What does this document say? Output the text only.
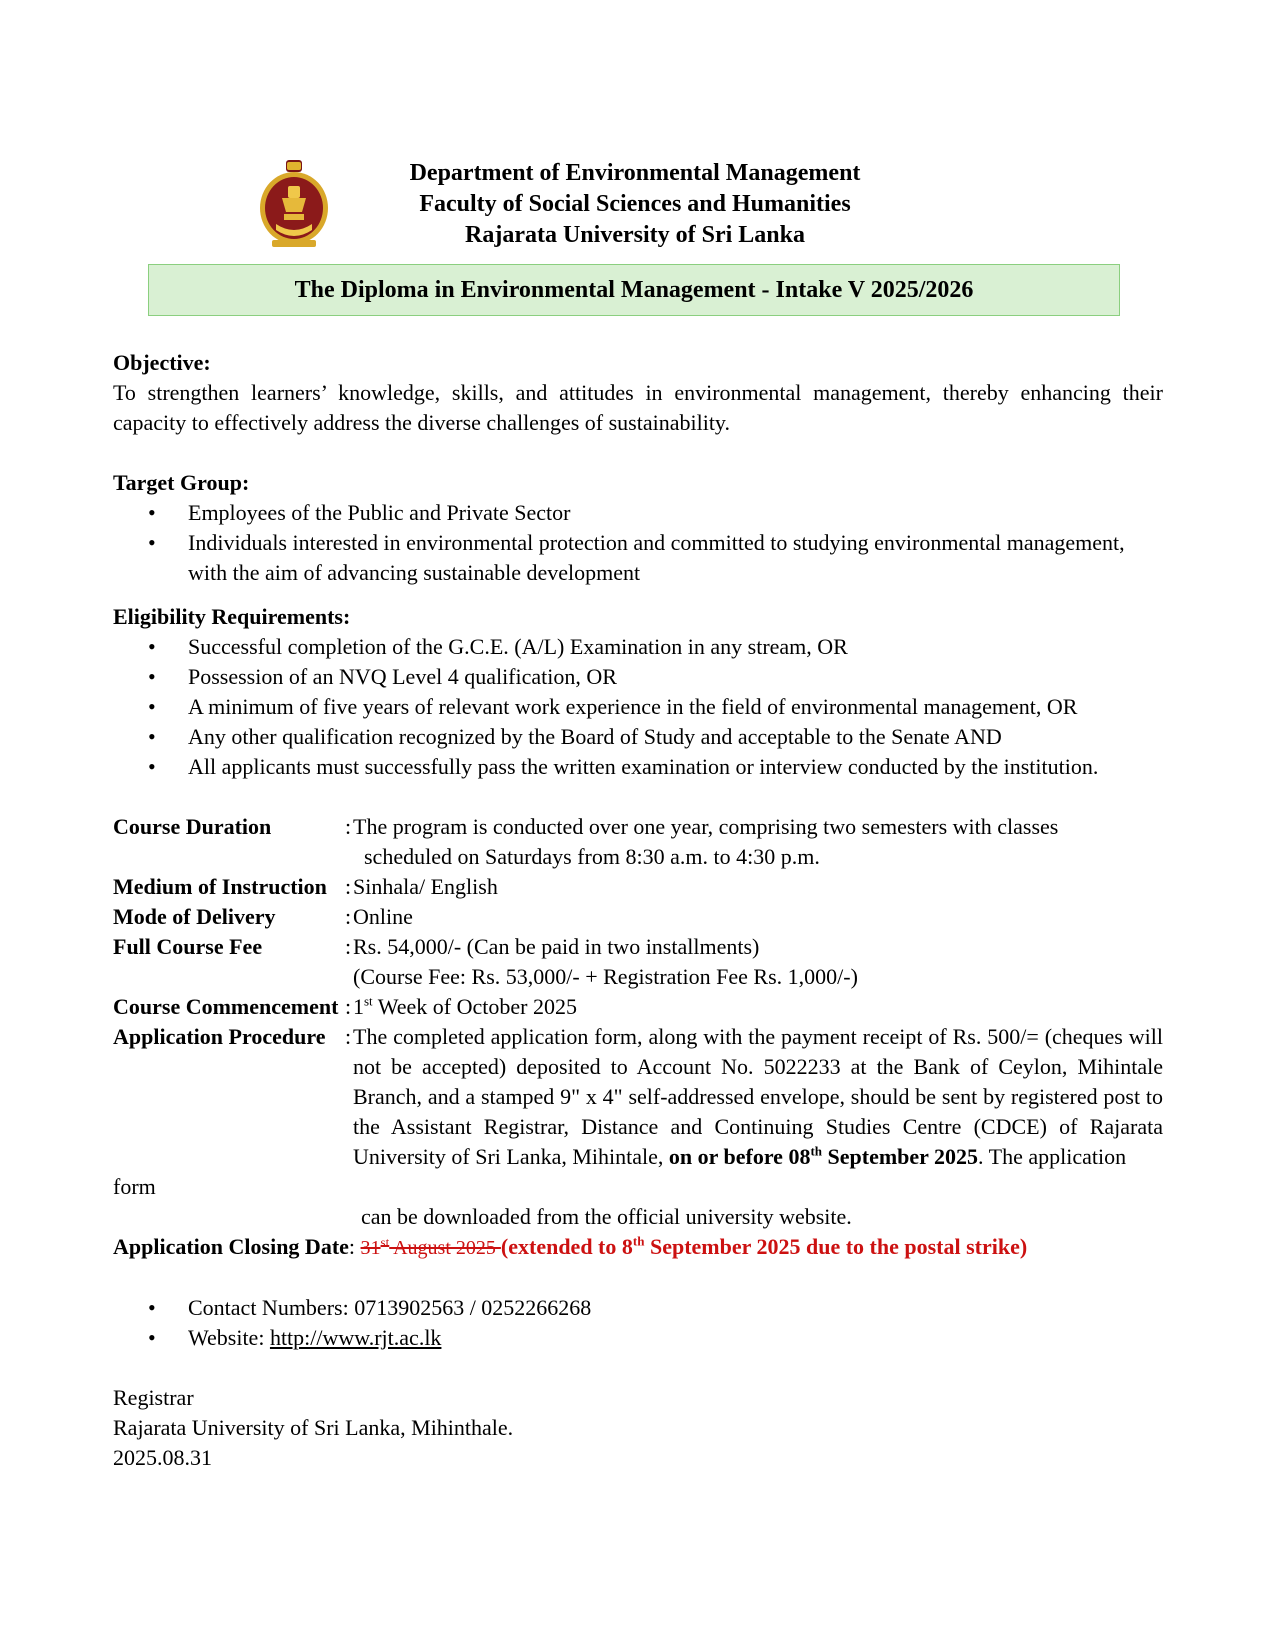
Department of Environmental Management
Faculty of Social Sciences and Humanities
Rajarata University of Sri Lanka
The Diploma in Environmental Management - Intake V 2025/2026

Objective:

To strengthen learners’ knowledge, skills, and attitudes in environmental management, thereby enhancing their capacity to effectively address the diverse challenges of sustainability.

Target Group:

• Employees of the Public and Private Sector
• Individuals interested in environmental protection and committed to studying environmental management, with the aim of advancing sustainable development

Eligibility Requirements:

• Successful completion of the G.C.E. (A/L) Examination in any stream, OR
• Possession of an NVQ Level 4 qualification, OR
• A minimum of five years of relevant work experience in the field of environmental management, OR
• Any other qualification recognized by the Board of Study and acceptable to the Senate AND
• All applicants must successfully pass the written examination or interview conducted by the institution.
Course Duration	: The program is conducted over one year, comprising two semesters with classes
scheduled on Saturdays from 8:30 a.m. to 4:30 p.m.
Medium of Instruction : Sinhala/ English
Mode of Delivery	: Online
Full Course Fee	: Rs. 54,000/- (Can be paid in two installments)
(Course Fee: Rs. 53,000/- + Registration Fee Rs. 1,000/-)
Course Commencement : 1st Week of October 2025
Application Procedure : The completed application form, along with the payment receipt of Rs. 500/= (cheques will not be accepted) deposited to Account No. 5022233 at the Bank of Ceylon, Mihintale Branch, and a stamped 9" x 4" self-addressed envelope, should be sent by registered post to the Assistant Registrar, Distance and Continuing Studies Centre (CDCE) of Rajarata University of Sri Lanka, Mihintale, on or before 08th September 2025. The application

form

can be downloaded from the official university website.
Application Closing Date: 31st August 2025 (extended to 8th September 2025 due to the postal strike)
• Contact Numbers: 0713902563 / 0252266268
• Website: http://www.rjt.ac.lk

Registrar

Rajarata University of Sri Lanka, Mihinthale.

2025.08.31
